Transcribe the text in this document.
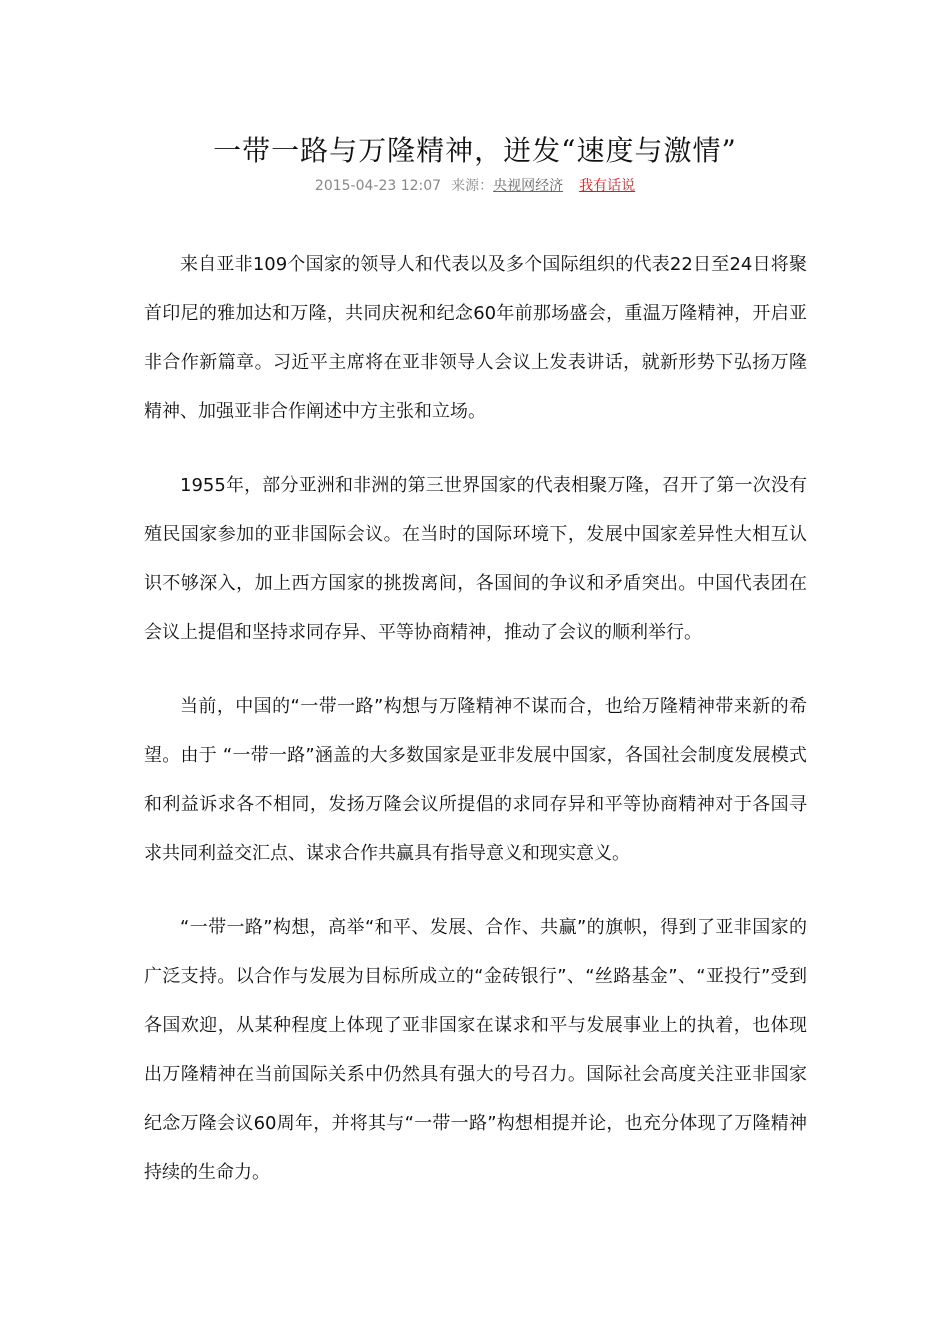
一带一路与万隆精神，迸发“速度与激情”
2015-04-23 12:07 来源：央视网经济 我有话说

来自亚非109个国家的领导人和代表以及多个国际组织的代表22日至24日将聚首印尼的雅加达和万隆，共同庆祝和纪念60年前那场盛会，重温万隆精神，开启亚非合作新篇章。习近平主席将在亚非领导人会议上发表讲话，就新形势下弘扬万隆精神、加强亚非合作阐述中方主张和立场。

1955年，部分亚洲和非洲的第三世界国家的代表相聚万隆，召开了第一次没有殖民国家参加的亚非国际会议。在当时的国际环境下，发展中国家差异性大相互认识不够深入，加上西方国家的挑拨离间，各国间的争议和矛盾突出。中国代表团在会议上提倡和坚持求同存异、平等协商精神，推动了会议的顺利举行。

当前，中国的“一带一路”构想与万隆精神不谋而合，也给万隆精神带来新的希望。由于 “一带一路”涵盖的大多数国家是亚非发展中国家，各国社会制度发展模式和利益诉求各不相同，发扬万隆会议所提倡的求同存异和平等协商精神对于各国寻求共同利益交汇点、谋求合作共赢具有指导意义和现实意义。

“一带一路”构想，高举“和平、发展、合作、共赢”的旗帜，得到了亚非国家的广泛支持。以合作与发展为目标所成立的“金砖银行”、“丝路基金”、“亚投行”受到各国欢迎，从某种程度上体现了亚非国家在谋求和平与发展事业上的执着，也体现出万隆精神在当前国际关系中仍然具有强大的号召力。国际社会高度关注亚非国家纪念万隆会议60周年，并将其与“一带一路”构想相提并论，也充分体现了万隆精神持续的生命力。
